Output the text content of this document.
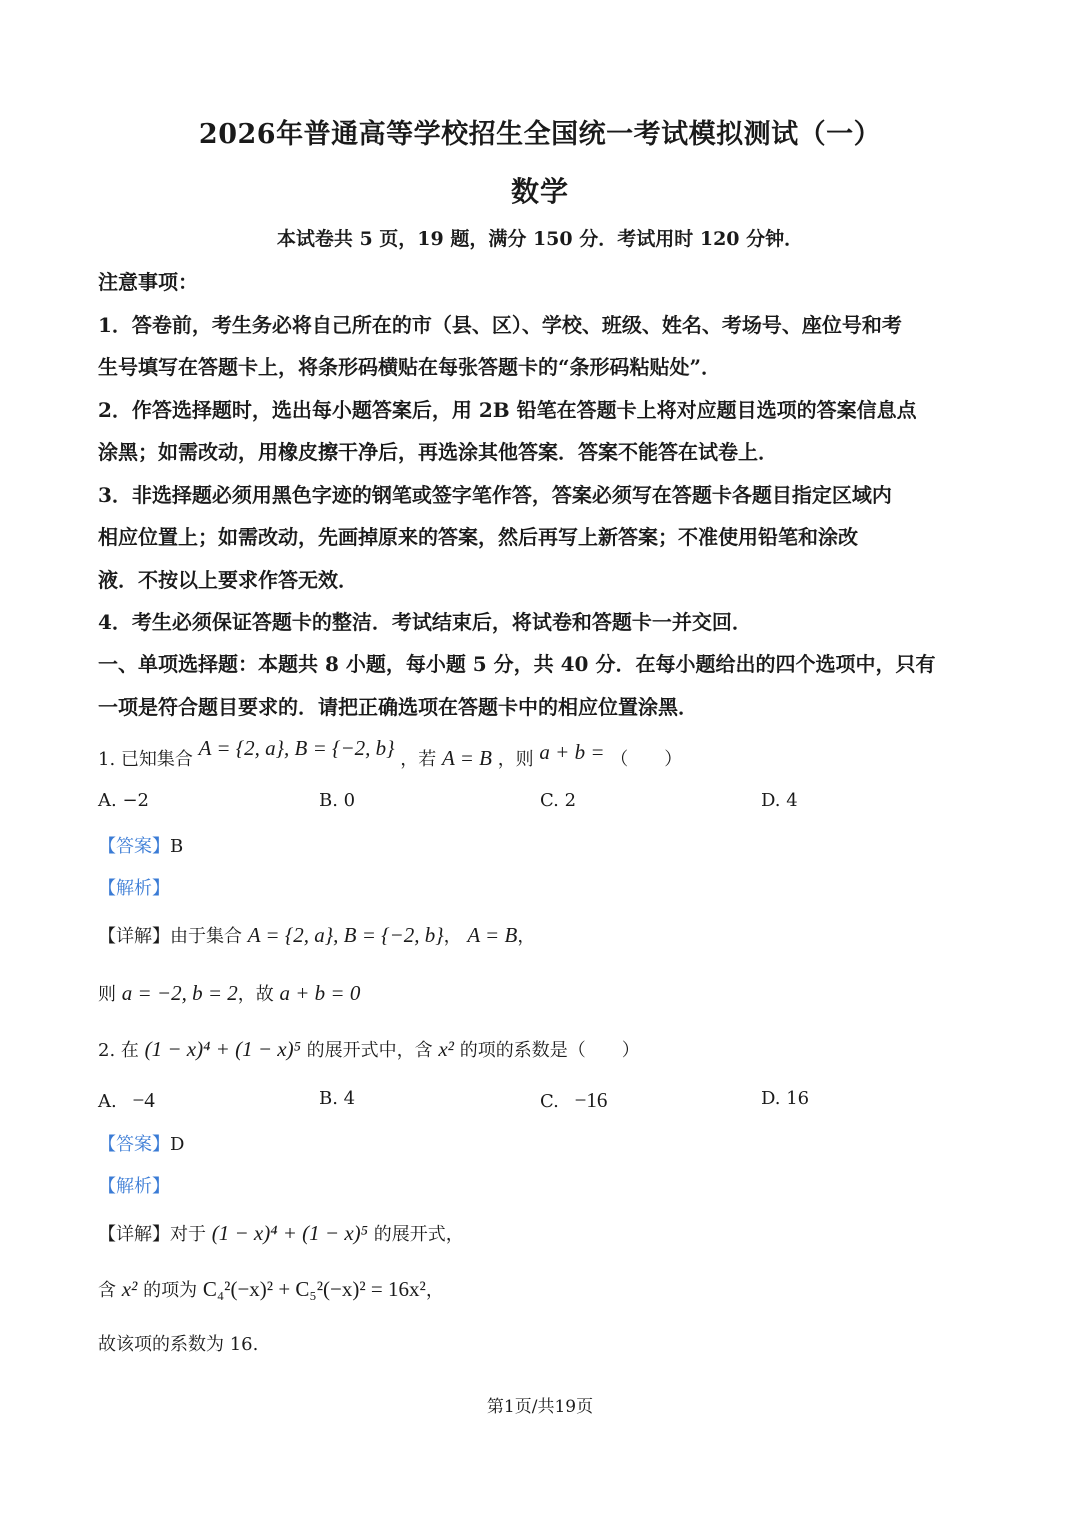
2026年普通高等学校招生全国统一考试模拟测试（一）
数学
本试卷共 5 页，19 题，满分 150 分．考试用时 120 分钟．
注意事项：
1．答卷前，考生务必将自己所在的市（县、区）、学校、班级、姓名、考场号、座位号和考
生号填写在答题卡上，将条形码横贴在每张答题卡的“条形码粘贴处”．
2．作答选择题时，选出每小题答案后，用 2B 铅笔在答题卡上将对应题目选项的答案信息点
涂黑；如需改动，用橡皮擦干净后，再选涂其他答案．答案不能答在试卷上．
3．非选择题必须用黑色字迹的钢笔或签字笔作答，答案必须写在答题卡各题目指定区域内
相应位置上；如需改动，先画掉原来的答案，然后再写上新答案；不准使用铅笔和涂改
液．不按以上要求作答无效．
4．考生必须保证答题卡的整洁．考试结束后，将试卷和答题卡一并交回．
一、单项选择题：本题共 8 小题，每小题 5 分，共 40 分．在每小题给出的四个选项中，只有
一项是符合题目要求的．请把正确选项在答题卡中的相应位置涂黑．
1. 已知集合 A = {2, a}, B = {−2, b} ，若 A = B ，则 a + b = （　　）
A. −2	B. 0	C. 2	D. 4
【答案】B
【解析】
【详解】由于集合 A = {2, a}, B = {−2, b}， A = B，
则 a = −2, b = 2，故 a + b = 0
2. 在 (1 − x)⁴ + (1 − x)⁵ 的展开式中，含 x² 的项的系数是（　　）
A. −4	B. 4	C. −16	D. 16
【答案】D
【解析】
【详解】对于 (1 − x)⁴ + (1 − x)⁵ 的展开式，
含 x² 的项为 C₄²(−x)² + C₅²(−x)² = 16x²，
故该项的系数为 16.
第1页/共19页
